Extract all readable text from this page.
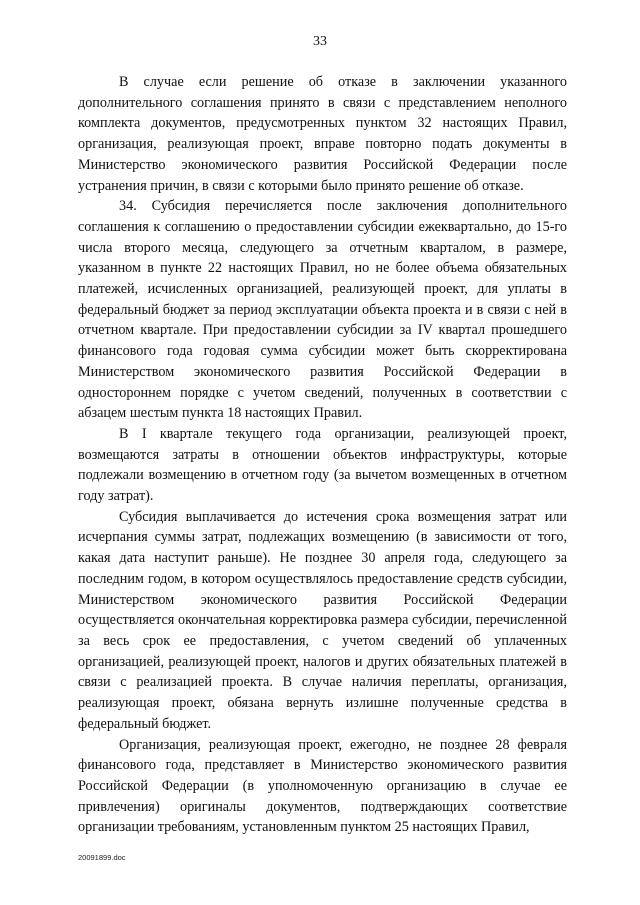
33

В случае если решение об отказе в заключении указанного дополнительного соглашения принято в связи с представлением неполного комплекта документов, предусмотренных пунктом 32 настоящих Правил, организация, реализующая проект, вправе повторно подать документы в Министерство экономического развития Российской Федерации после устранения причин, в связи с которыми было принято решение об отказе.

34. Субсидия перечисляется после заключения дополнительного соглашения к соглашению о предоставлении субсидии ежеквартально, до 15-го числа второго месяца, следующего за отчетным кварталом, в размере, указанном в пункте 22 настоящих Правил, но не более объема обязательных платежей, исчисленных организацией, реализующей проект, для уплаты в федеральный бюджет за период эксплуатации объекта проекта и в связи с ней в отчетном квартале. При предоставлении субсидии за IV квартал прошедшего финансового года годовая сумма субсидии может быть скорректирована Министерством экономического развития Российской Федерации в одностороннем порядке с учетом сведений, полученных в соответствии с абзацем шестым пункта 18 настоящих Правил.

В I квартале текущего года организации, реализующей проект, возмещаются затраты в отношении объектов инфраструктуры, которые подлежали возмещению в отчетном году (за вычетом возмещенных в отчетном году затрат).

Субсидия выплачивается до истечения срока возмещения затрат или исчерпания суммы затрат, подлежащих возмещению (в зависимости от того, какая дата наступит раньше). Не позднее 30 апреля года, следующего за последним годом, в котором осуществлялось предоставление средств субсидии, Министерством экономического развития Российской Федерации осуществляется окончательная корректировка размера субсидии, перечисленной за весь срок ее предоставления, с учетом сведений об уплаченных организацией, реализующей проект, налогов и других обязательных платежей в связи с реализацией проекта. В случае наличия переплаты, организация, реализующая проект, обязана вернуть излишне полученные средства в федеральный бюджет.

Организация, реализующая проект, ежегодно, не позднее 28 февраля финансового года, представляет в Министерство экономического развития Российской Федерации (в уполномоченную организацию в случае ее привлечения) оригиналы документов, подтверждающих соответствие организации требованиям, установленным пунктом 25 настоящих Правил,

20091899.doc
